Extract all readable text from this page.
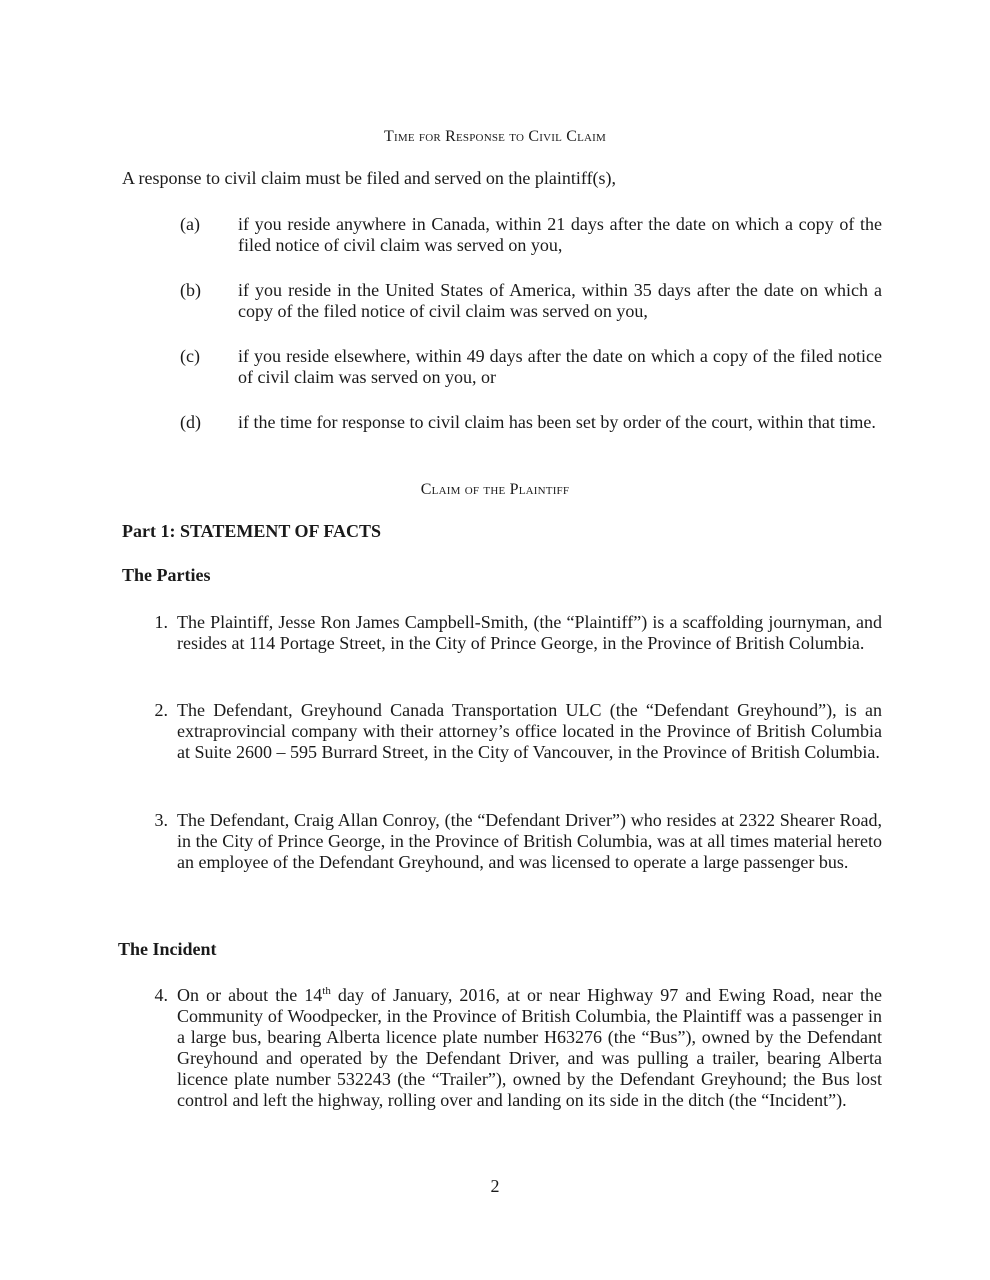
Time for Response to Civil Claim
A response to civil claim must be filed and served on the plaintiff(s),
(a) if you reside anywhere in Canada, within 21 days after the date on which a copy of the filed notice of civil claim was served on you,
(b) if you reside in the United States of America, within 35 days after the date on which a copy of the filed notice of civil claim was served on you,
(c) if you reside elsewhere, within 49 days after the date on which a copy of the filed notice of civil claim was served on you, or
(d) if the time for response to civil claim has been set by order of the court, within that time.
Claim of the Plaintiff
Part 1: STATEMENT OF FACTS
The Parties
1. The Plaintiff, Jesse Ron James Campbell-Smith, (the “Plaintiff”) is a scaffolding journyman, and resides at 114 Portage Street, in the City of Prince George, in the Province of British Columbia.
2. The Defendant, Greyhound Canada Transportation ULC (the “Defendant Greyhound”), is an extraprovincial company with their attorney’s office located in the Province of British Columbia at Suite 2600 – 595 Burrard Street, in the City of Vancouver, in the Province of British Columbia.
3. The Defendant, Craig Allan Conroy, (the “Defendant Driver”) who resides at 2322 Shearer Road, in the City of Prince George, in the Province of British Columbia, was at all times material hereto an employee of the Defendant Greyhound, and was licensed to operate a large passenger bus.
The Incident
4. On or about the 14th day of January, 2016, at or near Highway 97 and Ewing Road, near the Community of Woodpecker, in the Province of British Columbia, the Plaintiff was a passenger in a large bus, bearing Alberta licence plate number H63276 (the “Bus”), owned by the Defendant Greyhound and operated by the Defendant Driver, and was pulling a trailer, bearing Alberta licence plate number 532243 (the “Trailer”), owned by the Defendant Greyhound; the Bus lost control and left the highway, rolling over and landing on its side in the ditch (the “Incident”).
2
